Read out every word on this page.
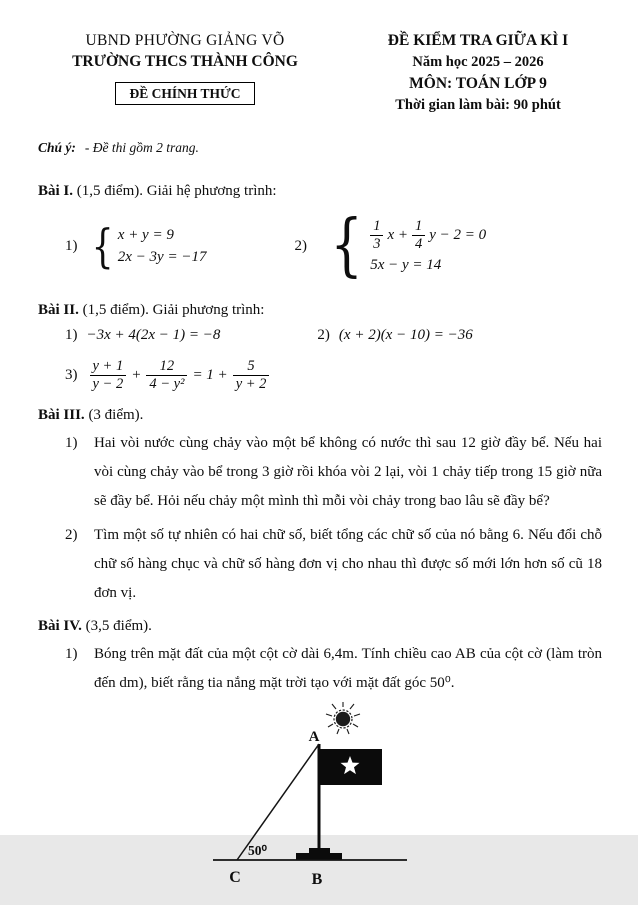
UBND PHƯỜNG GIẢNG VÕ
TRƯỜNG THCS THÀNH CÔNG
ĐỀ CHÍNH THỨC
ĐỀ KIỂM TRA GIỮA KÌ I
Năm học 2025 – 2026
MÔN: TOÁN LỚP 9
Thời gian làm bài: 90 phút
Chú ý: - Đề thi gồm 2 trang.
Bài I. (1,5 điểm). Giải hệ phương trình:
1) { x + y = 9
2x − 3y = −17
2) { $\frac{1}{3}$ $x + \frac{1}{4}$ y − 2 = 0
5x − y = 14
Bài II. (1,5 điểm). Giải phương trình:
1) −3x + 4(2x − 1) = −8	2) (x + 2)(x − 10) = −36
$3) \frac{y + 1}{y - 2} + \frac{12}{\text{4 − y²}} = 1 + \frac{5}{y + 2}$
Bài III. (3 điểm).
1)	Hai vòi nước cùng chảy vào một bể không có nước thì sau 12 giờ đầy bể. Nếu hai vòi cùng chảy vào bể trong 3 giờ rồi khóa vòi 2 lại, vòi 1 chảy tiếp trong 15 giờ nữa sẽ đầy bể. Hỏi nếu chảy một mình thì mỗi vòi chảy trong bao lâu sẽ đầy bể?
2)	Tìm một số tự nhiên có hai chữ số, biết tổng các chữ số của nó bằng 6. Nếu đổi chỗ chữ số hàng chục và chữ số hàng đơn vị cho nhau thì được số mới lớn hơn số cũ 18 đơn vị.
Bài IV. (3,5 điểm).
1)	Bóng trên mặt đất của một cột cờ dài 6,4m. Tính chiều cao AB của cột cờ (làm tròn đến dm), biết rằng tia nắng mặt trời tạo với mặt đất góc 50⁰.
A
50⁰
C	B
